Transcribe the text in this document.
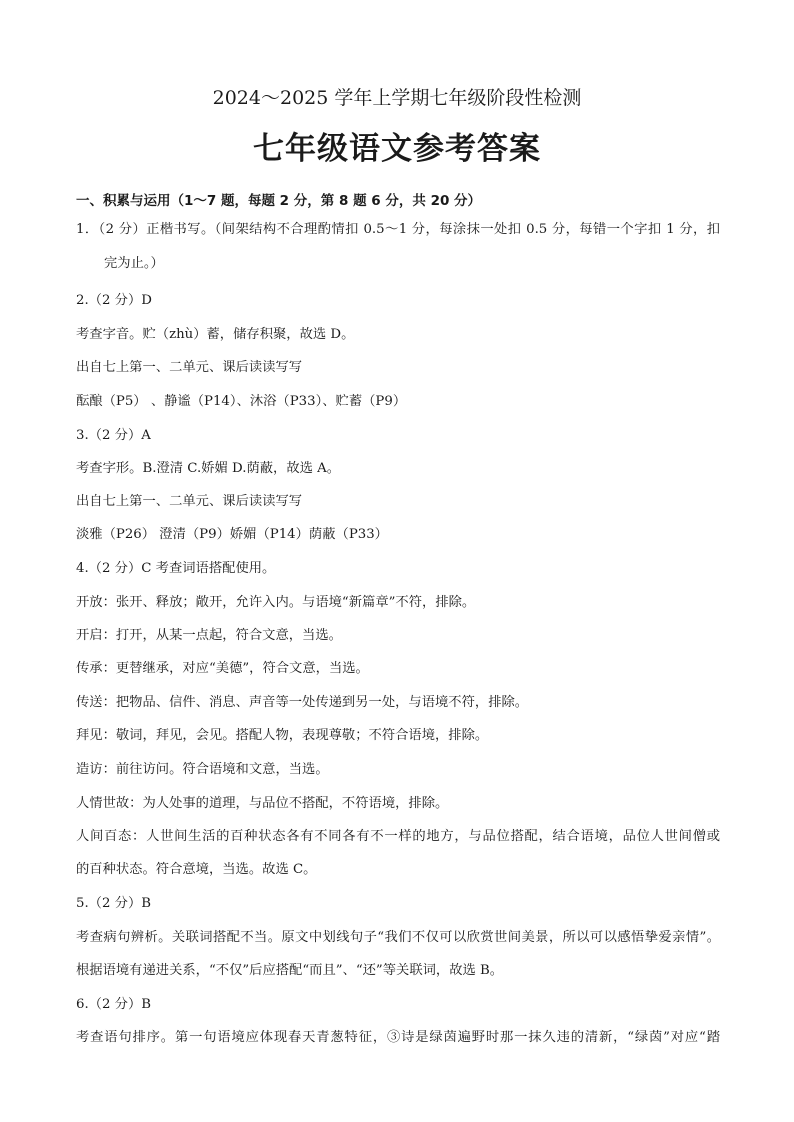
2024～2025 学年上学期七年级阶段性检测
七年级语文参考答案
一、积累与运用（1～7 题，每题 2 分，第 8 题 6 分，共 20 分）
1．（2 分）正楷书写。（间架结构不合理酌情扣 0.5～1 分，每涂抹一处扣 0.5 分，每错一个字扣 1 分，扣
完为止。）
2.（2 分）D
考查字音。贮（zhù）蓄，储存积聚，故选 D。
出自七上第一、二单元、课后读读写写
酝酿（P5） 、静谧（P14）、沐浴（P33）、贮蓄（P9）
3.（2 分）A
考查字形。B.澄清 C.娇媚 D.荫蔽，故选 A。
出自七上第一、二单元、课后读读写写
淡雅（P26） 澄清（P9）娇媚（P14）荫蔽（P33）
4.（2 分）C 考查词语搭配使用。
开放：张开、释放；敞开，允许入内。与语境“新篇章”不符，排除。
开启：打开，从某一点起，符合文意，当选。
传承：更替继承，对应“美德”，符合文意，当选。
传送：把物品、信件、消息、声音等一处传递到另一处，与语境不符，排除。
拜见：敬词，拜见，会见。搭配人物，表现尊敬；不符合语境，排除。
造访：前往访问。符合语境和文意，当选。
人情世故：为人处事的道理，与品位不搭配，不符语境，排除。
人间百态：人世间生活的百种状态各有不同各有不一样的地方，与品位搭配，结合语境，品位人世间僧或
的百种状态。符合意境，当选。故选 C。
5.（2 分）B
考查病句辨析。关联词搭配不当。原文中划线句子“我们不仅可以欣赏世间美景，所以可以感悟挚爱亲情”。
根据语境有递进关系，“不仅”后应搭配“而且”、“还”等关联词，故选 B。
6.（2 分）B
考查语句排序。第一句语境应体现春天青葱特征，③诗是绿茵遍野时那一抹久违的清新，“绿茵”对应“踏
